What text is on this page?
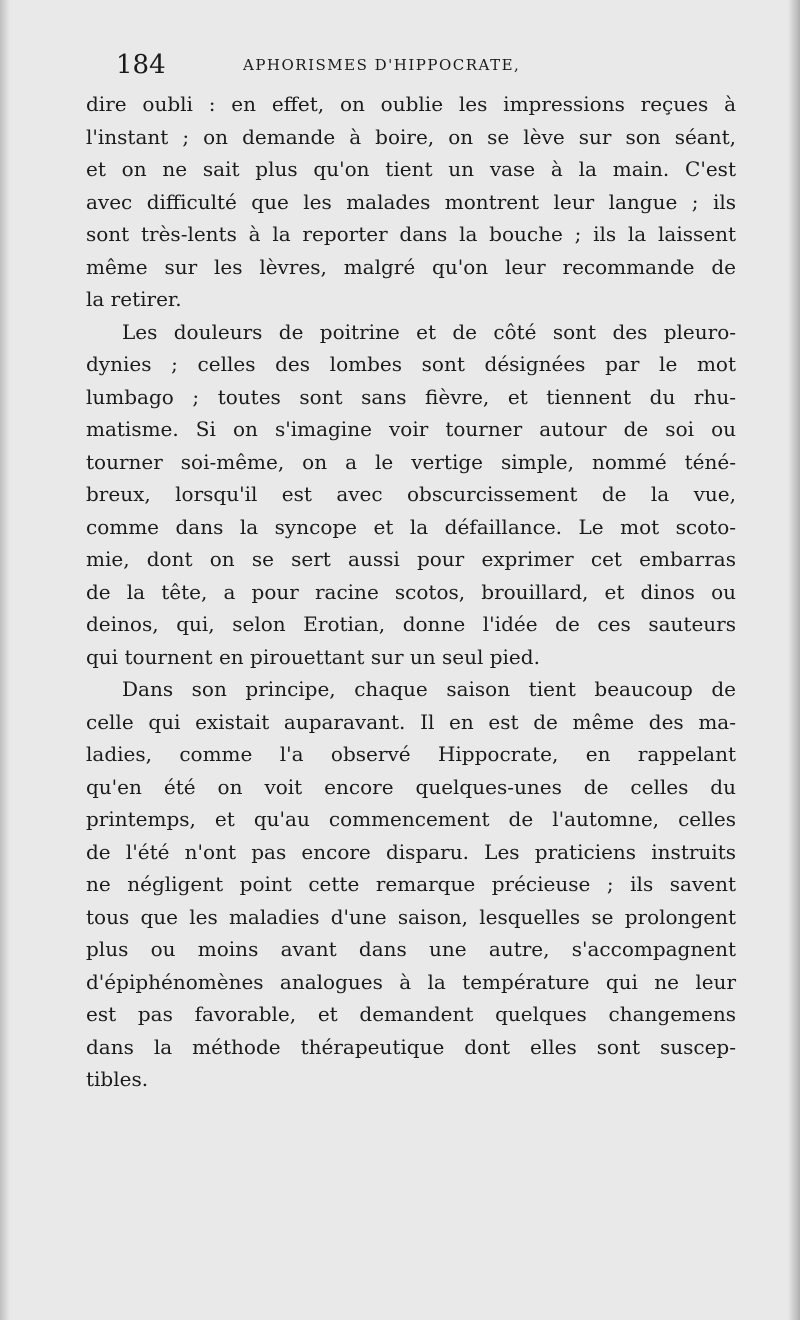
184	APHORISMES D'HIPPOCRATE,
dire oubli : en effet, on oublie les impressions reçues à
l'instant ; on demande à boire, on se lève sur son séant,
et on ne sait plus qu'on tient un vase à la main. C'est
avec difficulté que les malades montrent leur langue ; ils
sont très-lents à la reporter dans la bouche ; ils la laissent
même sur les lèvres, malgré qu'on leur recommande de
la retirer.
Les douleurs de poitrine et de côté sont des pleuro-
dynies ; celles des lombes sont désignées par le mot
lumbago ; toutes sont sans fièvre, et tiennent du rhu-
matisme. Si on s'imagine voir tourner autour de soi ou
tourner soi-même, on a le vertige simple, nommé téné-
breux, lorsqu'il est avec obscurcissement de la vue,
comme dans la syncope et la défaillance. Le mot scoto-
mie, dont on se sert aussi pour exprimer cet embarras
de la tête, a pour racine scotos, brouillard, et dinos ou
deinos, qui, selon Erotian, donne l'idée de ces sauteurs
qui tournent en pirouettant sur un seul pied.
Dans son principe, chaque saison tient beaucoup de
celle qui existait auparavant. Il en est de même des ma-
ladies, comme l'a observé Hippocrate, en rappelant
qu'en été on voit encore quelques-unes de celles du
printemps, et qu'au commencement de l'automne, celles
de l'été n'ont pas encore disparu. Les praticiens instruits
ne négligent point cette remarque précieuse ; ils savent
tous que les maladies d'une saison, lesquelles se prolongent
plus ou moins avant dans une autre, s'accompagnent
d'épiphénomènes analogues à la température qui ne leur
est pas favorable, et demandent quelques changemens
dans la méthode thérapeutique dont elles sont suscep-
tibles.
